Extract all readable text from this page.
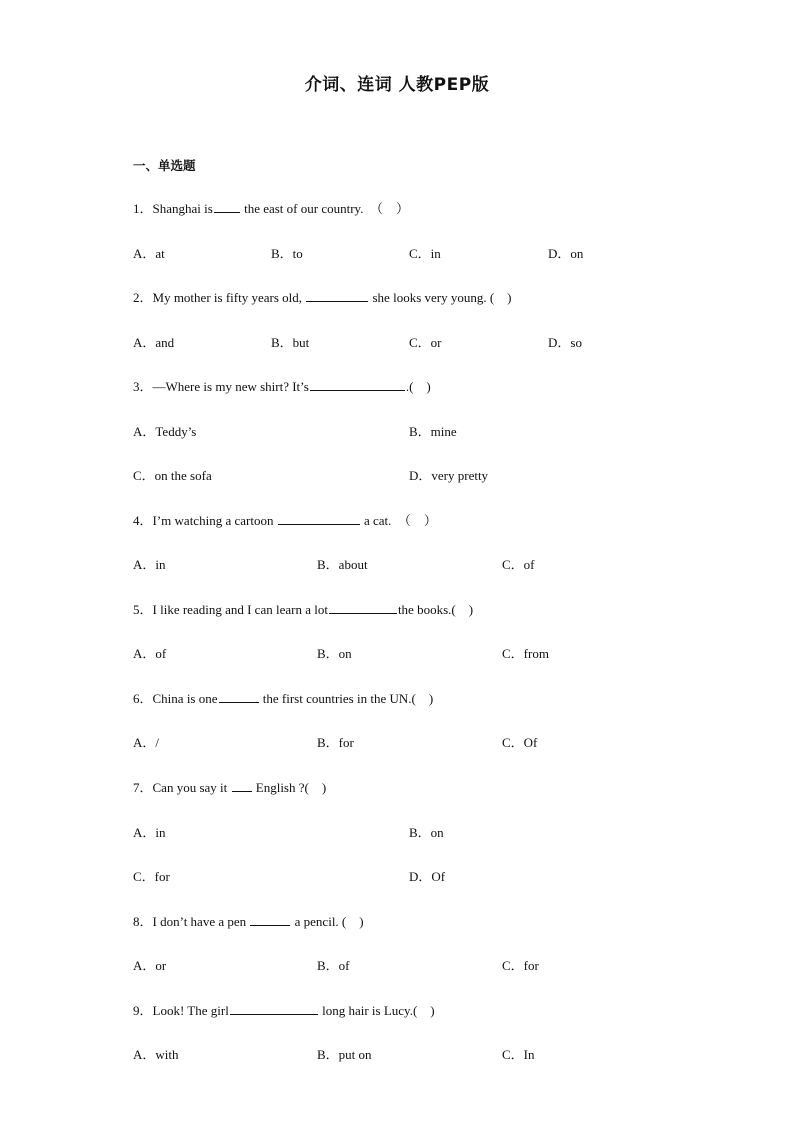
介词、连词 人教PEP版
一、单选题
1．Shanghai is the east of our country.  （    ）
A．at	B．to	C．in	D．on
2．My mother is fifty years old,	she looks very young. (    )
A．and	B．but	C．or	D．so
3．—Where is my new shirt? It’s	.(    )
A．Teddy’s	B．mine
C．on the sofa	D．very pretty
4．I’m watching a cartoon	a cat.  （    ）
A．in	B．about	C．of
5．I like reading and I can learn a lot	the books.(    )
A．of	B．on	C．from
6．China is one	the first countries in the UN.(    )
A．/	B．for	C．Of
7．Can you say it  English ?(    )
A．in	B．on
C．for	D．Of
8．I don’t have a pen	a pencil. (    )
A．or	B．of	C．for
9．Look! The girl	long hair is Lucy.(    )
A．with	B．put on	C．In
